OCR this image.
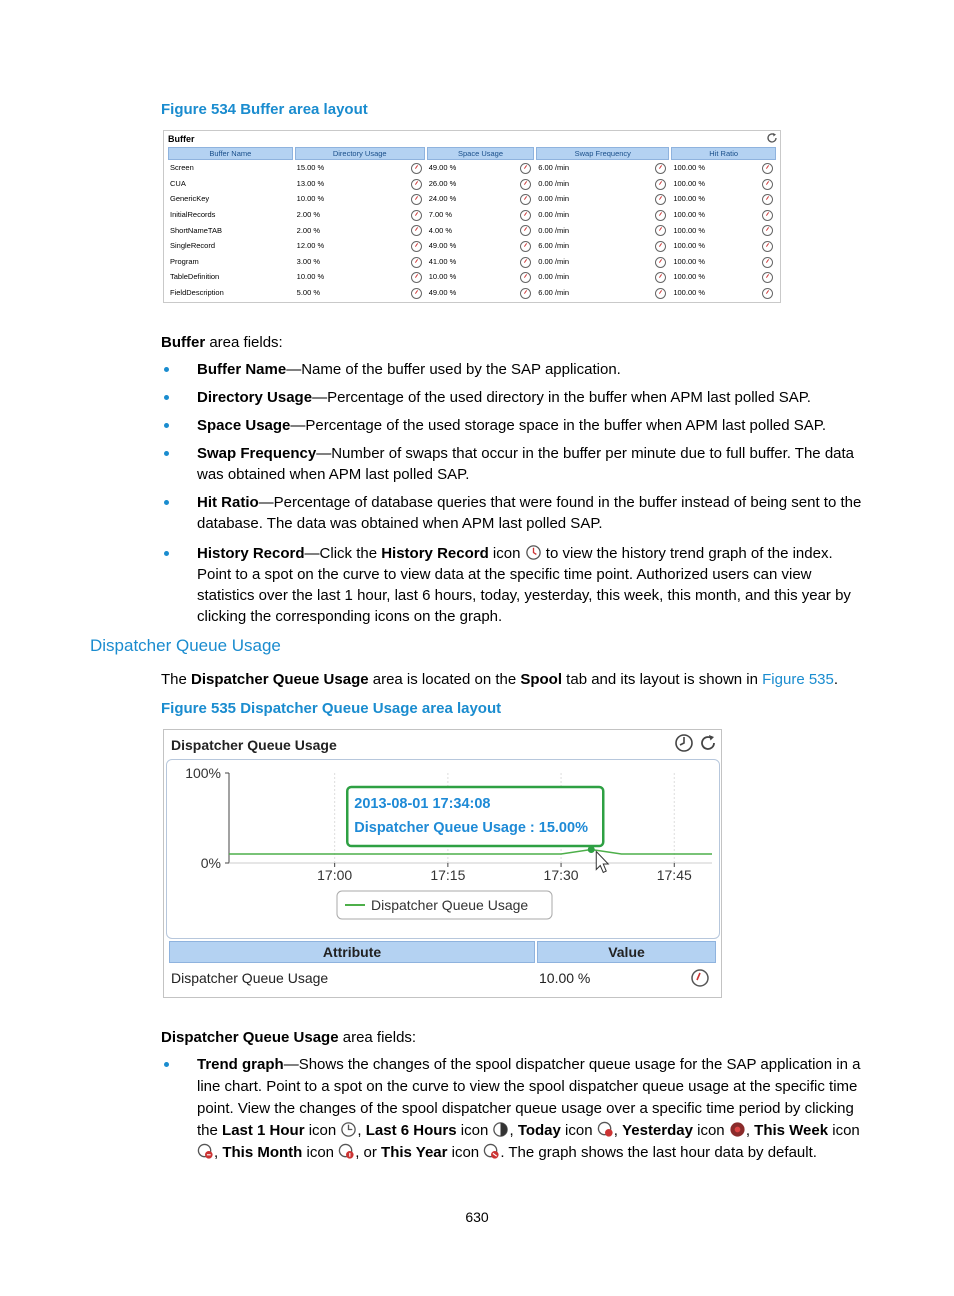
Figure 534 Buffer area layout
Buffer
Buffer Name	Directory Usage	Space Usage	Swap Frequency	Hit Ratio
Screen	15.00 %	49.00 %	6.00 /min	100.00 %

CUA	13.00 %	26.00 %	0.00 /min	100.00 %

GenericKey	10.00 %	24.00 %	0.00 /min	100.00 %

InitialRecords	2.00 %	7.00 %	0.00 /min	100.00 %

ShortNameTAB	2.00 %	4.00 %	0.00 /min	100.00 %

SingleRecord	12.00 %	49.00 %	6.00 /min	100.00 %

Program	3.00 %	41.00 %	0.00 /min	100.00 %

TableDefinition	10.00 %	10.00 %	0.00 /min	100.00 %

FieldDescription	5.00 %	49.00 %	6.00 /min	100.00 %
Buffer area fields:
Buffer Name—Name of the buffer used by the SAP application.
Directory Usage—Percentage of the used directory in the buffer when APM last polled SAP.
Space Usage—Percentage of the used storage space in the buffer when APM last polled SAP.
Swap Frequency—Number of swaps that occur in the buffer per minute due to full buffer. The data was obtained when APM last polled SAP.
Hit Ratio—Percentage of database queries that were found in the buffer instead of being sent to the database. The data was obtained when APM last polled SAP.
History Record—Click the History Record icon  to view the history trend graph of the index. Point to a spot on the curve to view data at the specific time point. Authorized users can view statistics over the last 1 hour, last 6 hours, today, yesterday, this week, this month, and this year by clicking the corresponding icons on the graph.
Dispatcher Queue Usage
The Dispatcher Queue Usage area is located on the Spool tab and its layout is shown in Figure 535.
Figure 535 Dispatcher Queue Usage area layout
Dispatcher Queue Usage

100%
0%
17:00	17:15	17:30	17:45
2013-08-01 17:34:08
Dispatcher Queue Usage : 15.00%
Dispatcher Queue Usage
Attribute	Value
Dispatcher Queue Usage	10.00 %
Dispatcher Queue Usage area fields:
Trend graph—Shows the changes of the spool dispatcher queue usage for the SAP application in a line chart. Point to a spot on the curve to view the spool dispatcher queue usage at the specific time point. View the changes of the spool dispatcher queue usage over a specific time period by clicking the Last 1 Hour icon , Last 6 Hours icon , Today icon , Yesterday icon , This Week icon , This Month icon , or This Year icon . The graph shows the last hour data by default.
630
